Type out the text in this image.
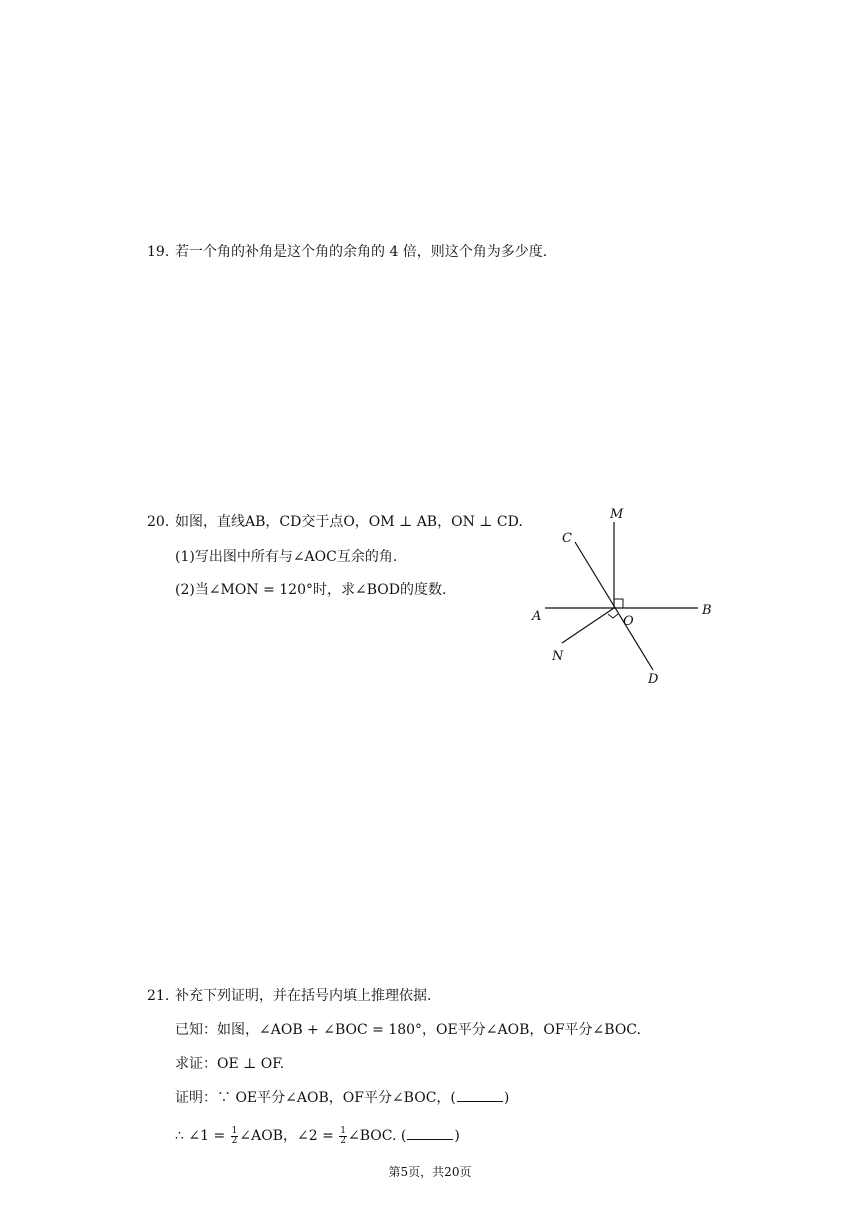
19. 若一个角的补角是这个角的余角的 4 倍，则这个角为多少度.
20. 如图，直线AB，CD交于点O，OM ⊥ AB，ON ⊥ CD.
(1)写出图中所有与∠AOC互余的角.
(2)当∠MON = 120°时，求∠BOD的度数.
M
C
A	B
O
N
D
21. 补充下列证明，并在括号内填上推理依据.
已知：如图，∠AOB + ∠BOC = 180°，OE平分∠AOB，OF平分∠BOC.
求证：OE ⊥ OF.
证明：∵ OE平分∠AOB，OF平分∠BOC，(	)
∴ ∠1 = $\frac{1}{2}$ ∠AOB，∠2 = $\frac{1}{2}$ ∠BOC. (	)
第5页，共20页
